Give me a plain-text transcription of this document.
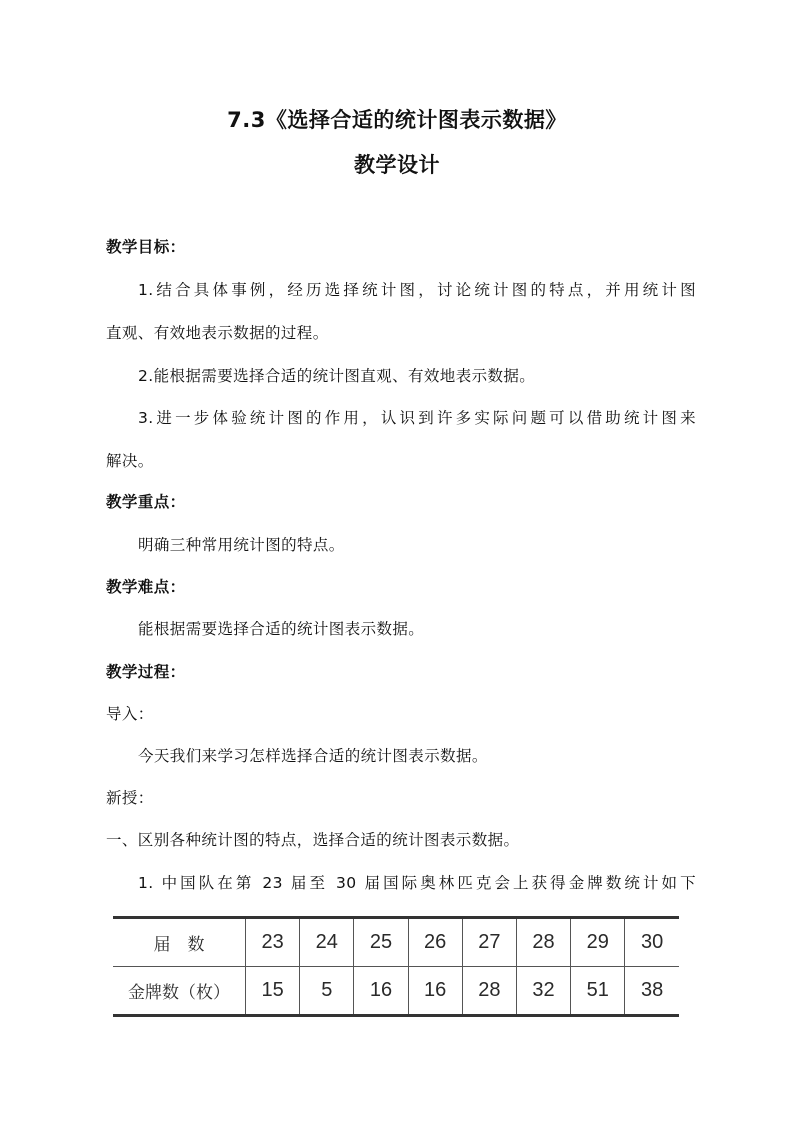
7.3《选择合适的统计图表示数据》
教学设计
教学目标：
1.结合具体事例，经历选择统计图，讨论统计图的特点，并用统计图
直观、有效地表示数据的过程。
2.能根据需要选择合适的统计图直观、有效地表示数据。
3.进一步体验统计图的作用，认识到许多实际问题可以借助统计图来
解决。
教学重点：
明确三种常用统计图的特点。
教学难点：
能根据需要选择合适的统计图表示数据。
教学过程：
导入：
今天我们来学习怎样选择合适的统计图表示数据。
新授：
一、区别各种统计图的特点，选择合适的统计图表示数据。
1. 中国队在第 23 届至 30 届国际奥林匹克会上获得金牌数统计如下
届　数	23	24	25	26	27	28	29	30
金牌数（枚）	15	5	16	16	28	32	51	38
